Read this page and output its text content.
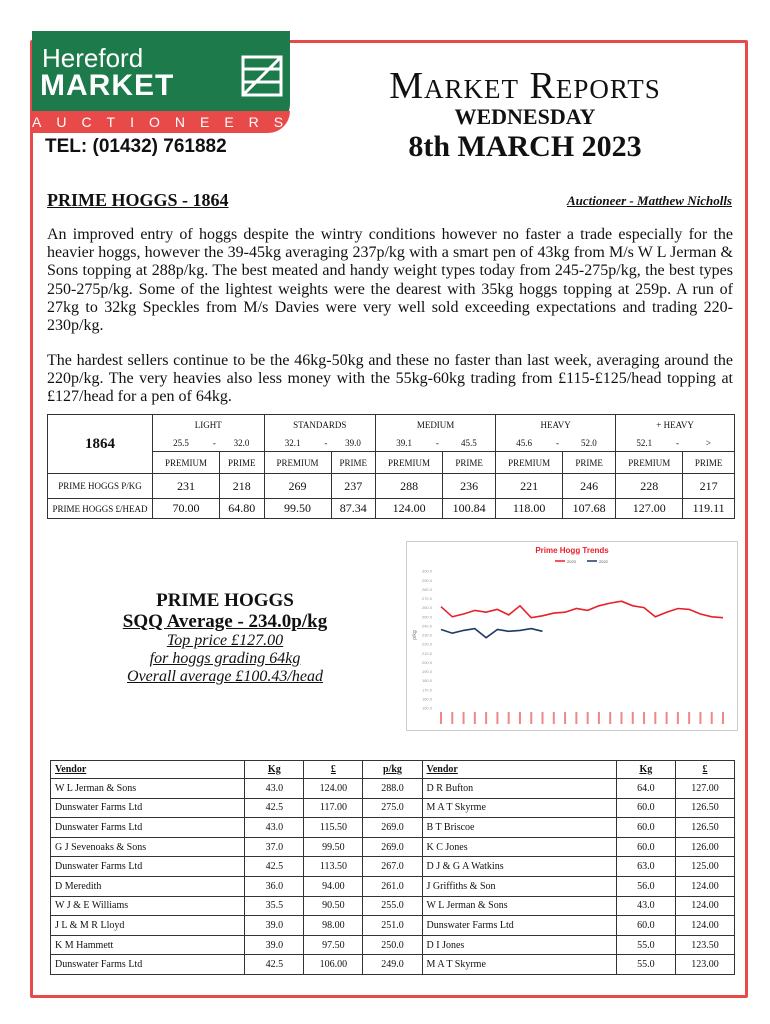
Hereford
MARKET
AUCTIONEERS
TEL: (01432) 761882
Market Reports
WEDNESDAY
8th MARCH 2023
PRIME HOGGS - 1864	Auctioneer - Matthew Nicholls
An improved entry of hoggs despite the wintry conditions however no faster a trade especially for the heavier hoggs, however the 39-45kg averaging 237p/kg with a smart pen of 43kg from M/s W L Jerman & Sons topping at 288p/kg. The best meated and handy weight types today from 245-275p/kg, the best types 250-275p/kg. Some of the lightest weights were the dearest with 35kg hoggs topping at 259p. A run of 27kg to 32kg Speckles from M/s Davies were very well sold exceeding expectations and trading 220-230p/kg.
The hardest sellers continue to be the 46kg-50kg and these no faster than last week, averaging around the 220p/kg. The very heavies also less money with the 55kg-60kg trading from £115-£125/head topping at £127/head for a pen of 64kg.
1864	LIGHT			STANDARDS			MEDIUM			HEAVY			+ HEAVY		
	25.5	-	32.0	32.1	-	39.0	39.1	-	45.5	45.6	-	52.0	52.1	-	>
	PREMIUM		PRIME	PREMIUM		PRIME	PREMIUM		PRIME	PREMIUM		PRIME	PREMIUM		PRIME
PRIME HOGGS P/KG	231		218	269		237	288		236	221		246	228		217
PRIME HOGGS £/HEAD	70.00		64.80	99.50		87.34	124.00		100.84	118.00		107.68	127.00		119.11
PRIME HOGGS
SQQ Average - 234.0p/kg
Top price £127.00
for hoggs grading 64kg
Overall average £100.43/head
Prime Hogg Trends
2023	2022
150.0
160.0
170.0
180.0
190.0
200.0
210.0
220.0
230.0
240.0
250.0
260.0
270.0
280.0
290.0
300.0
p/kg
Vendor	Kg	£	p/kg	Vendor	Kg	£
W L Jerman & Sons	43.0	124.00	288.0	D R Bufton	64.0	127.00
Dunswater Farms Ltd	42.5	117.00	275.0	M A T Skyrme	60.0	126.50
Dunswater Farms Ltd	43.0	115.50	269.0	B T Briscoe	60.0	126.50
G J Sevenoaks & Sons	37.0	99.50	269.0	K C Jones	60.0	126.00
Dunswater Farms Ltd	42.5	113.50	267.0	D J & G A Watkins	63.0	125.00
D Meredith	36.0	94.00	261.0	J Griffiths & Son	56.0	124.00
W J & E Williams	35.5	90.50	255.0	W L Jerman & Sons	43.0	124.00
J L & M R Lloyd	39.0	98.00	251.0	Dunswater Farms Ltd	60.0	124.00
K M Hammett	39.0	97.50	250.0	D I Jones	55.0	123.50
Dunswater Farms Ltd	42.5	106.00	249.0	M A T Skyrme	55.0	123.00
